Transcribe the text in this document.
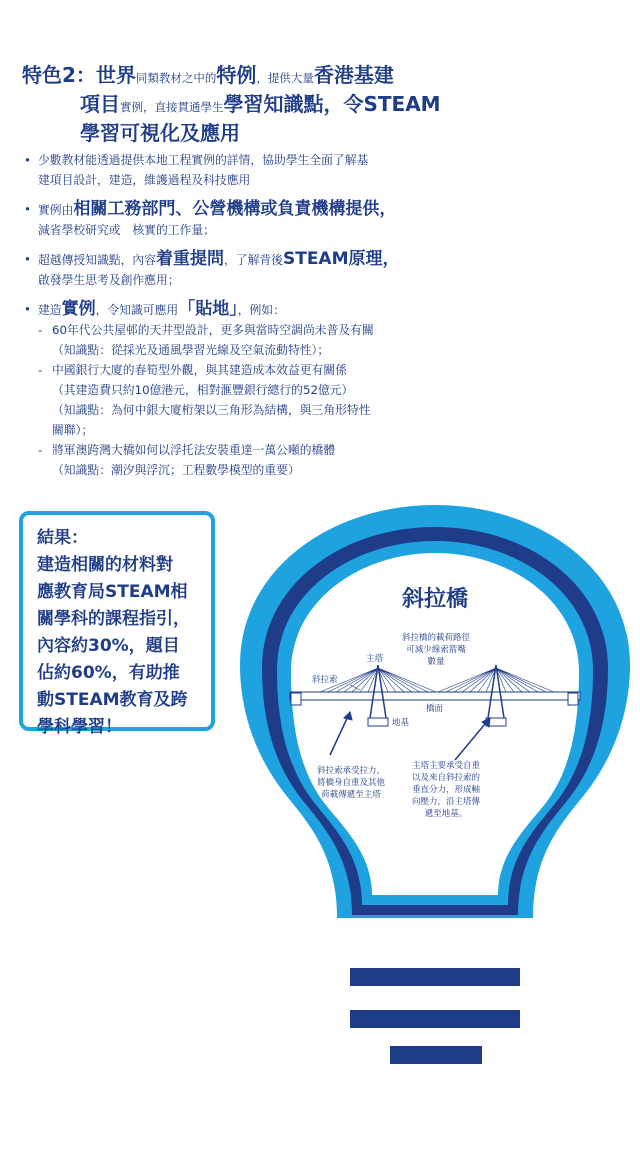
特色2：世界同類教材之中的特例，提供大量香港基建
項目實例，直接貫通學生學習知識點，令STEAM
學習可視化及應用
• 少數教材能透過提供本地工程實例的詳情，協助學生全面了解基
建項目設計，建造，維護過程及科技應用
• 實例由相關工務部門、公營機構或負責機構提供，
減省學校研究或　核實的工作量；
• 超越傳授知識點，內容着重提問，了解背後STEAM原理，
啟發學生思考及創作應用；
• 建造實例，令知識可應用「貼地」，例如：
- 60年代公共屋邨的天井型設計，更多與當時空調尚未普及有關
（知識點：從採光及通風學習光線及空氣流動特性）；
- 中國銀行大廈的春筍型外觀，與其建造成本效益更有關係
（其建造費只約10億港元，相對滙豐銀行總行的52億元）
（知識點：為何中銀大廈桁架以三角形為結構，與三角形特性
關聯）；
- 將軍澳跨灣大橋如何以浮托法安裝重達一萬公噸的橋體
（知識點：潮汐與浮沉；工程數學模型的重要）
結果：
建造相關的材料對
應教育局STEAM相
關學科的課程指引，
內容約30%，題目
佔約60%，有助推
動STEAM教育及跨
學科學習！
斜拉橋
斜拉橋的載荷路徑
可減少線索箭嘴
數量
主塔
斜拉索
橋面
地基
斜拉索承受拉力，
將橋身自重及其他
荷載傳遞至主塔
主塔主要承受自重
以及來自斜拉索的
垂直分力，形成軸
向壓力，沿主塔傳
遞至地基。
